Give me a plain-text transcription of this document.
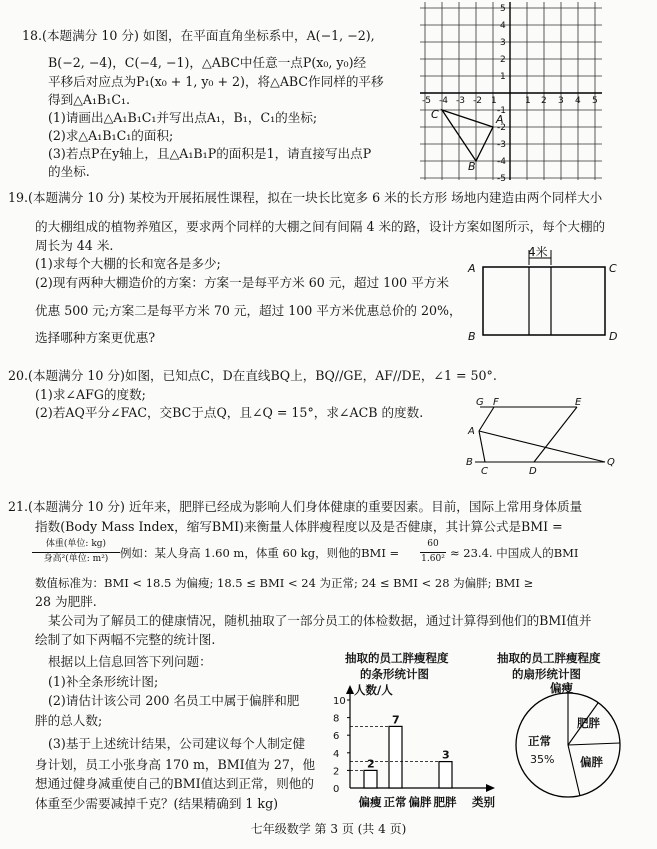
18.(本题满分 10 分) 如图，在平面直角坐标系中，A(−1, −2),
B(−2, −4)，C(−4, −1)，△ABC中任意一点P(x₀, y₀)经
平移后对应点为P₁(x₀ + 1, y₀ + 2)，将△ABC作同样的平移
得到△A₁B₁C₁.
(1)请画出△A₁B₁C₁并写出点A₁，B₁，C₁的坐标;
(2)求△A₁B₁C₁的面积;
(3)若点P在y轴上，且△A₁B₁P的面积是1，请直接写出点P
的坐标.
-5 -4 -3 -2 1	1 2 3 4 5
5
4
3
2
1
-1
-2
-3
-4
-5
C	A
B
19.(本题满分 10 分) 某校为开展拓展性课程，拟在一块长比宽多 6 米的长方形 场地内建造由两个同样大小
的大棚组成的植物养殖区，要求两个同样的大棚之间有间隔 4 米的路，设计方案如图所示，每个大棚的
周长为 44 米.
(1)求每个大棚的长和宽各是多少;
(2)现有两种大棚造价的方案：方案一是每平方米 60 元，超过 100 平方米
优惠 500 元;方案二是每平方米 70 元，超过 100 平方米优惠总价的 20%，
选择哪种方案更优惠?
4米
A	C
B	D
20.(本题满分 10 分)如图，已知点C，D在直线BQ上，BQ//GE，AF//DE，∠1 = 50°.
(1)求∠AFG的度数;
(2)若AQ平分∠FAC，交BC于点Q，且∠Q = 15°，求∠ACB 的度数.
G F	E
A
B
C	D
Q
21.(本题满分 10 分) 近年来，肥胖已经成为影响人们身体健康的重要因素。目前，国际上常用身体质量
指数(Body Mass Index，缩写BMI)来衡量人体胖瘦程度以及是否健康，其计算公式是BMI =
体重(单位: kg)
身高²(单位: m²)	例如：某人身高 1.60 m，体重 60 kg，则他的BMI =
60
1.60² ≈ 23.4. 中国成人的BMI
数值标准为：BMI < 18.5 为偏瘦; 18.5 ≤ BMI < 24 为正常; 24 ≤ BMI < 28 为偏胖; BMI ≥
28 为肥胖.
某公司为了解员工的健康情况，随机抽取了一部分员工的体检数据，通过计算得到他们的BMI值并
绘制了如下两幅不完整的统计图.
根据以上信息回答下列问题：
(1)补全条形统计图;
(2)请估计该公司 200 名员工中属于偏胖和肥
胖的总人数;
(3)基于上述统计结果，公司建议每个人制定健
身计划，员工小张身高 170 m，BMI值为 27，他
想通过健身减重使自己的BMI值达到正常，则他的
体重至少需要减掉千克？(结果精确到 1 kg)
抽取的员工胖瘦程度
的条形统计图
抽取的员工胖瘦程度
的扇形统计图
人数/人
类别
10
8
6
4
2
0
偏瘦 正常 偏胖 肥胖
2
7
3
偏瘦
肥胖
偏胖
正常
35%
七年级数学 第 3 页 (共 4 页)
